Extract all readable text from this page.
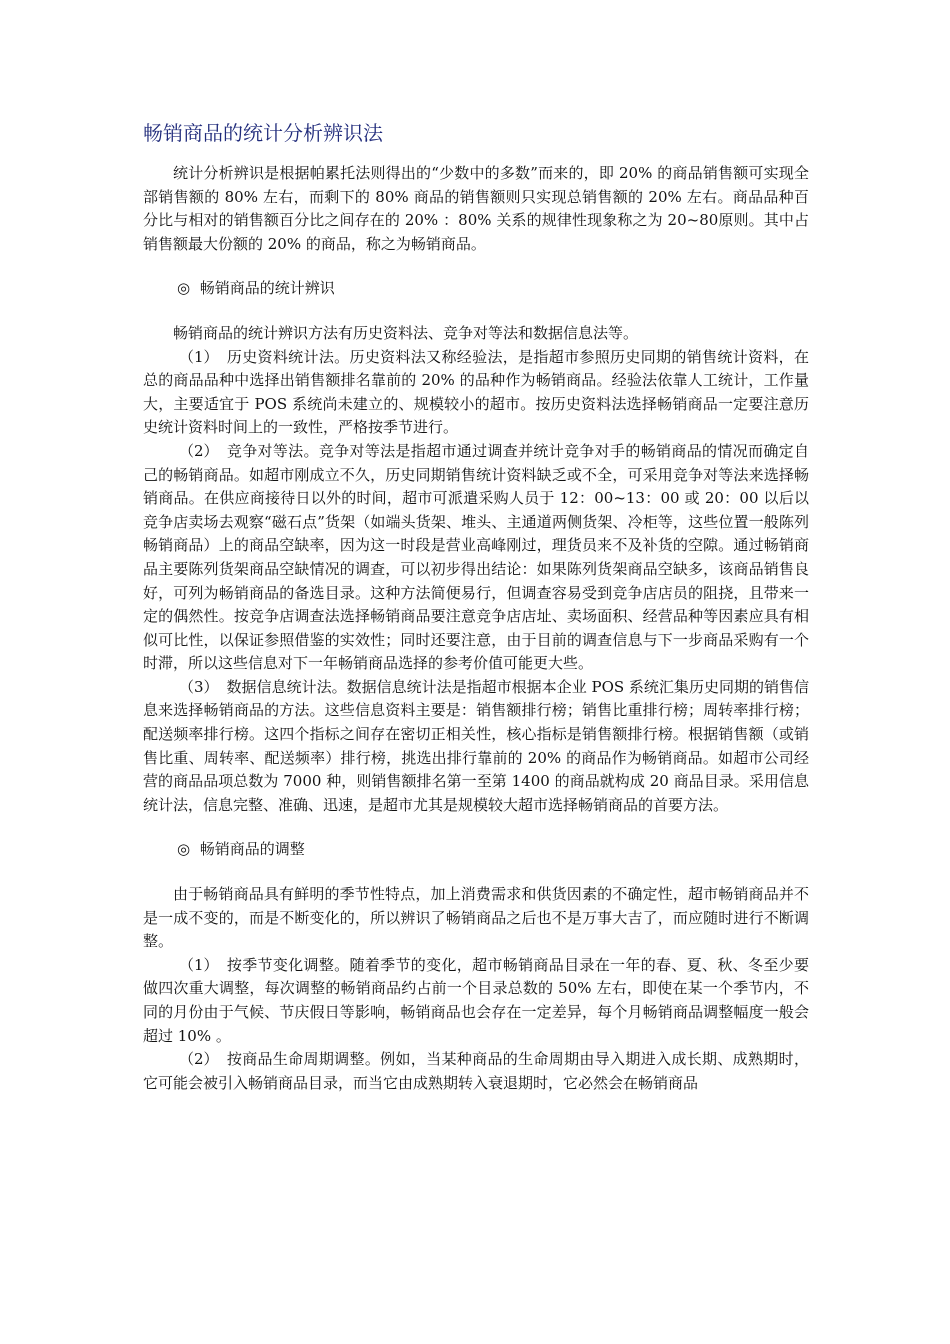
畅销商品的统计分析辨识法

统计分析辨识是根据帕累托法则得出的“少数中的多数”而来的，即 20% 的商品销售额可实现全部销售额的 80% 左右，而剩下的 80% 商品的销售额则只实现总销售额的 20% 左右。商品品种百分比与相对的销售额百分比之间存在的 20% ：80% 关系的规律性现象称之为 20~80原则。其中占销售额最大份额的 20% 的商品，称之为畅销商品。

◎ 畅销商品的统计辨识

畅销商品的统计辨识方法有历史资料法、竞争对等法和数据信息法等。

（1） 历史资料统计法。历史资料法又称经验法，是指超市参照历史同期的销售统计资料，在总的商品品种中选择出销售额排名靠前的 20% 的品种作为畅销商品。经验法依靠人工统计，工作量大，主要适宜于 POS 系统尚未建立的、规模较小的超市。按历史资料法选择畅销商品一定要注意历史统计资料时间上的一致性，严格按季节进行。

（2） 竞争对等法。竞争对等法是指超市通过调查并统计竞争对手的畅销商品的情况而确定自己的畅销商品。如超市刚成立不久，历史同期销售统计资料缺乏或不全，可采用竞争对等法来选择畅销商品。在供应商接待日以外的时间，超市可派遣采购人员于 12：00~13：00 或 20：00 以后以竞争店卖场去观察“磁石点”货架（如端头货架、堆头、主通道两侧货架、冷柜等，这些位置一般陈列畅销商品）上的商品空缺率，因为这一时段是营业高峰刚过，理货员来不及补货的空隙。通过畅销商品主要陈列货架商品空缺情况的调查，可以初步得出结论：如果陈列货架商品空缺多，该商品销售良好，可列为畅销商品的备选目录。这种方法简便易行，但调查容易受到竞争店店员的阻挠，且带来一定的偶然性。按竞争店调查法选择畅销商品要注意竞争店店址、卖场面积、经营品种等因素应具有相似可比性，以保证参照借鉴的实效性；同时还要注意，由于目前的调查信息与下一步商品采购有一个时滞，所以这些信息对下一年畅销商品选择的参考价值可能更大些。

（3） 数据信息统计法。数据信息统计法是指超市根据本企业 POS 系统汇集历史同期的销售信息来选择畅销商品的方法。这些信息资料主要是：销售额排行榜；销售比重排行榜；周转率排行榜；配送频率排行榜。这四个指标之间存在密切正相关性，核心指标是销售额排行榜。根据销售额（或销售比重、周转率、配送频率）排行榜，挑选出排行靠前的 20% 的商品作为畅销商品。如超市公司经营的商品品项总数为 7000 种，则销售额排名第一至第 1400 的商品就构成 20 商品目录。采用信息统计法，信息完整、准确、迅速，是超市尤其是规模较大超市选择畅销商品的首要方法。

◎ 畅销商品的调整

由于畅销商品具有鲜明的季节性特点，加上消费需求和供货因素的不确定性，超市畅销商品并不是一成不变的，而是不断变化的，所以辨识了畅销商品之后也不是万事大吉了，而应随时进行不断调整。

（1） 按季节变化调整。随着季节的变化，超市畅销商品目录在一年的春、夏、秋、冬至少要做四次重大调整，每次调整的畅销商品约占前一个目录总数的 50% 左右，即使在某一个季节内，不同的月份由于气候、节庆假日等影响，畅销商品也会存在一定差异，每个月畅销商品调整幅度一般会超过 10% 。

（2） 按商品生命周期调整。例如，当某种商品的生命周期由导入期进入成长期、成熟期时，它可能会被引入畅销商品目录，而当它由成熟期转入衰退期时，它必然会在畅销商品
